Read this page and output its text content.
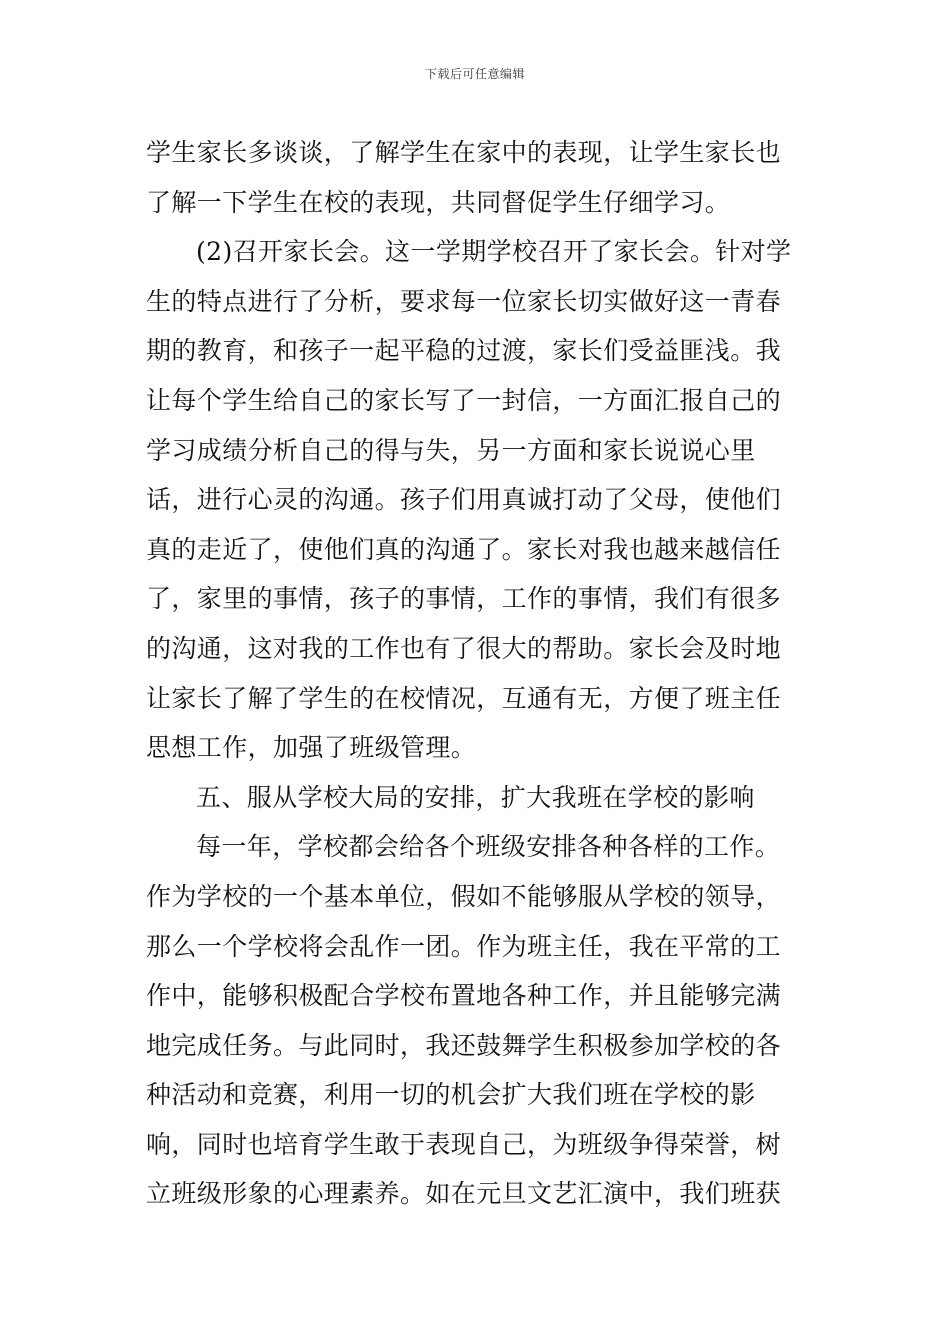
下载后可任意编辑
学生家长多谈谈，了解学生在家中的表现，让学生家长也
了解一下学生在校的表现，共同督促学生仔细学习。
(2)召开家长会。这一学期学校召开了家长会。针对学
生的特点进行了分析，要求每一位家长切实做好这一青春
期的教育，和孩子一起平稳的过渡，家长们受益匪浅。我
让每个学生给自己的家长写了一封信，一方面汇报自己的
学习成绩分析自己的得与失，另一方面和家长说说心里
话，进行心灵的沟通。孩子们用真诚打动了父母，使他们
真的走近了，使他们真的沟通了。家长对我也越来越信任
了，家里的事情，孩子的事情，工作的事情，我们有很多
的沟通，这对我的工作也有了很大的帮助。家长会及时地
让家长了解了学生的在校情况，互通有无，方便了班主任
思想工作，加强了班级管理。
五、服从学校大局的安排，扩大我班在学校的影响
每一年，学校都会给各个班级安排各种各样的工作。
作为学校的一个基本单位，假如不能够服从学校的领导，
那么一个学校将会乱作一团。作为班主任，我在平常的工
作中，能够积极配合学校布置地各种工作，并且能够完满
地完成任务。与此同时，我还鼓舞学生积极参加学校的各
种活动和竞赛，利用一切的机会扩大我们班在学校的影
响，同时也培育学生敢于表现自己，为班级争得荣誉，树
立班级形象的心理素养。如在元旦文艺汇演中，我们班获
